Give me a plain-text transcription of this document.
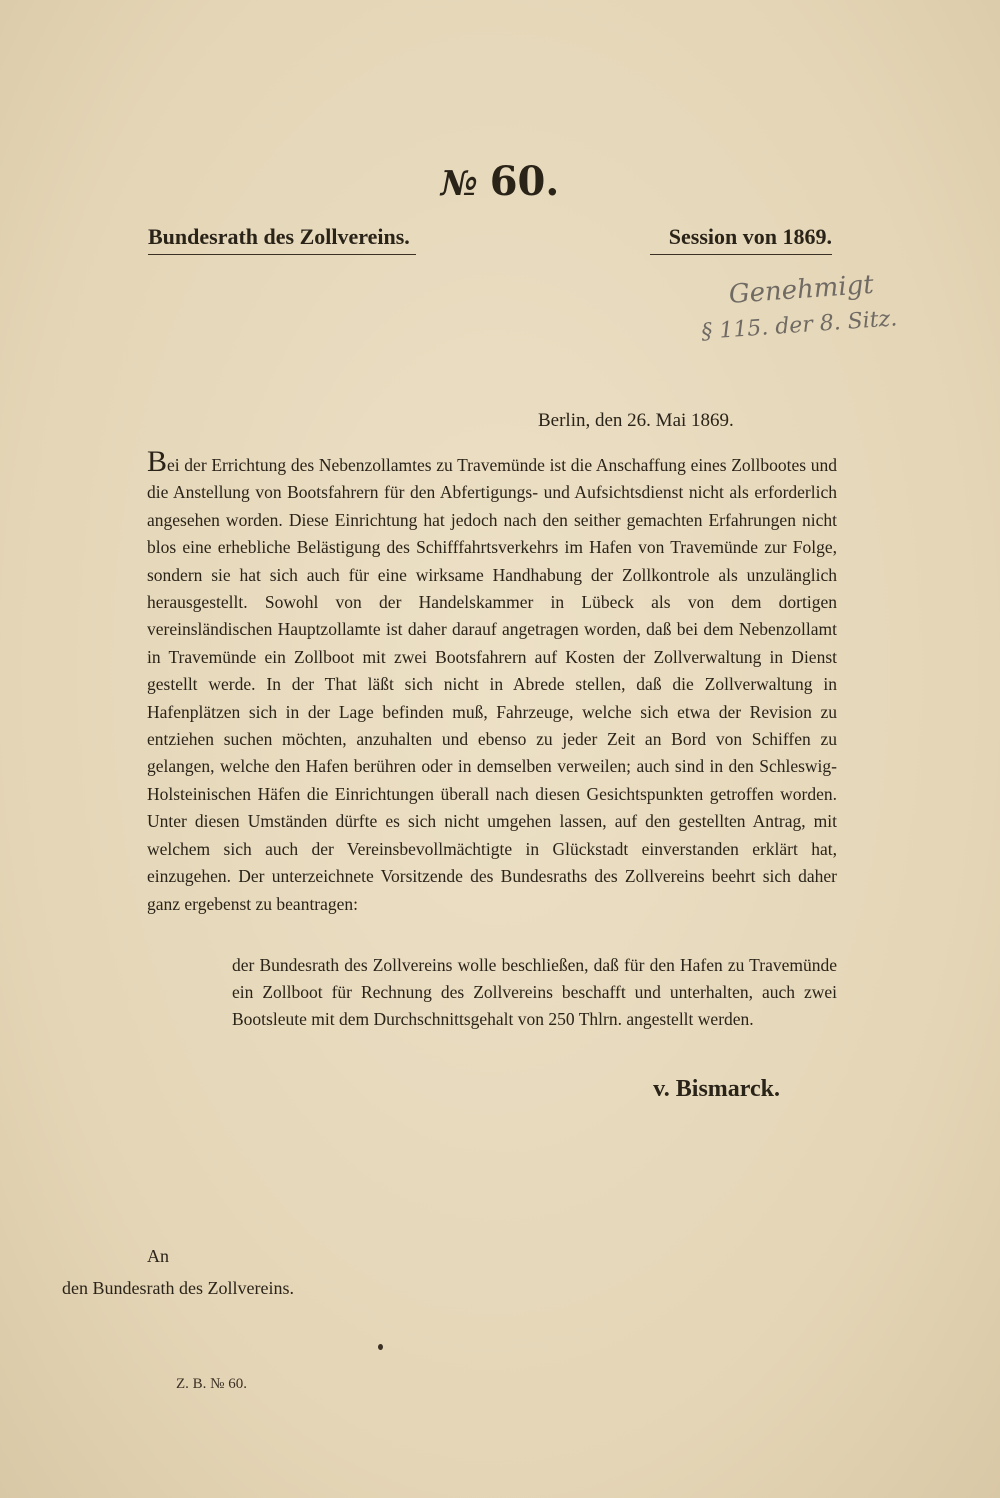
№ 60.
Bundesrath des Zollvereins.	Session von 1869.
Genehmigt
§ 115. der 8. Sitz.
Berlin, den 26. Mai 1869.
Bei der Errichtung des Nebenzollamtes zu Travemünde ist die Anschaffung eines Zollbootes und die Anstellung von Bootsfahrern für den Abfertigungs- und Aufsichtsdienst nicht als erforderlich angesehen worden. Diese Einrichtung hat jedoch nach den seither gemachten Erfahrungen nicht blos eine erhebliche Belästigung des Schifffahrtsverkehrs im Hafen von Travemünde zur Folge, sondern sie hat sich auch für eine wirksame Handhabung der Zollkontrole als unzulänglich herausgestellt. Sowohl von der Handelskammer in Lübeck als von dem dortigen vereinsländischen Hauptzollamte ist daher darauf angetragen worden, daß bei dem Nebenzollamt in Travemünde ein Zollboot mit zwei Bootsfahrern auf Kosten der Zollverwaltung in Dienst gestellt werde. In der That läßt sich nicht in Abrede stellen, daß die Zollverwaltung in Hafenplätzen sich in der Lage befinden muß, Fahrzeuge, welche sich etwa der Revision zu entziehen suchen möchten, anzuhalten und ebenso zu jeder Zeit an Bord von Schiffen zu gelangen, welche den Hafen berühren oder in demselben verweilen; auch sind in den Schleswig-Holsteinischen Häfen die Einrichtungen überall nach diesen Gesichtspunkten getroffen worden. Unter diesen Umständen dürfte es sich nicht umgehen lassen, auf den gestellten Antrag, mit welchem sich auch der Vereinsbevollmächtigte in Glückstadt einverstanden erklärt hat, einzugehen. Der unterzeichnete Vorsitzende des Bundesraths des Zollvereins beehrt sich daher ganz ergebenst zu beantragen:
der Bundesrath des Zollvereins wolle beschließen, daß für den Hafen zu Travemünde ein Zollboot für Rechnung des Zollvereins beschafft und unterhalten, auch zwei Bootsleute mit dem Durchschnittsgehalt von 250 Thlrn. angestellt werden.
v. Bismarck.
An
den Bundesrath des Zollvereins.
Z. B. № 60.
